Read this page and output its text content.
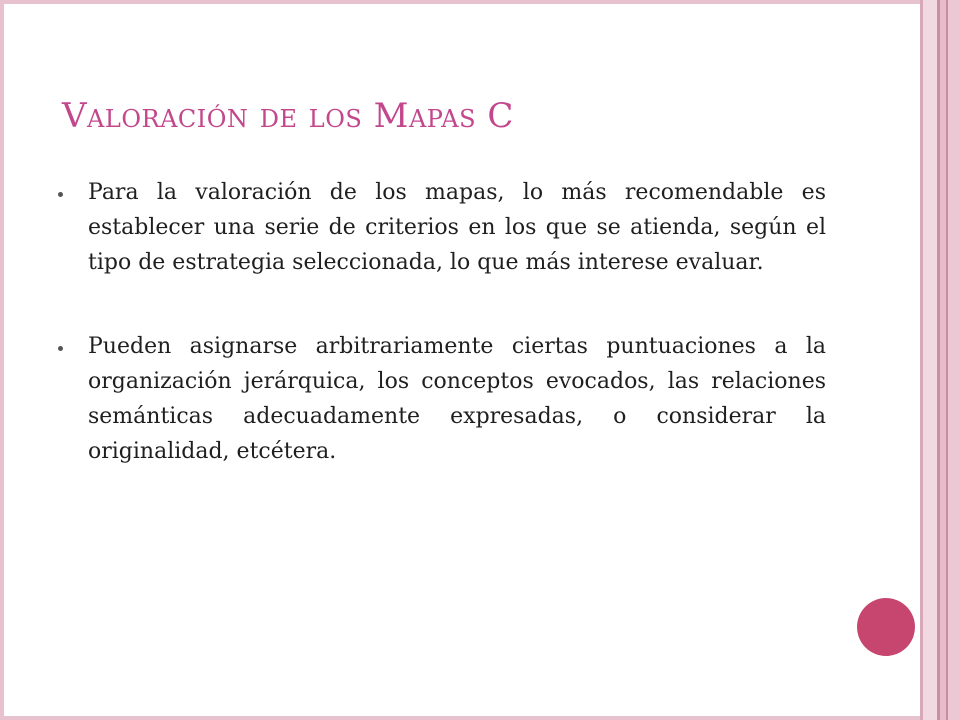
Valoración de los Mapas C
Para la valoración de los mapas, lo más recomendable es establecer una serie de criterios en los que se atienda, según el tipo de estrategia seleccionada, lo que más interese evaluar.
Pueden asignarse arbitrariamente ciertas puntuaciones a la organización jerárquica, los conceptos evocados, las relaciones semánticas adecuadamente expresadas, o considerar la originalidad, etcétera.
